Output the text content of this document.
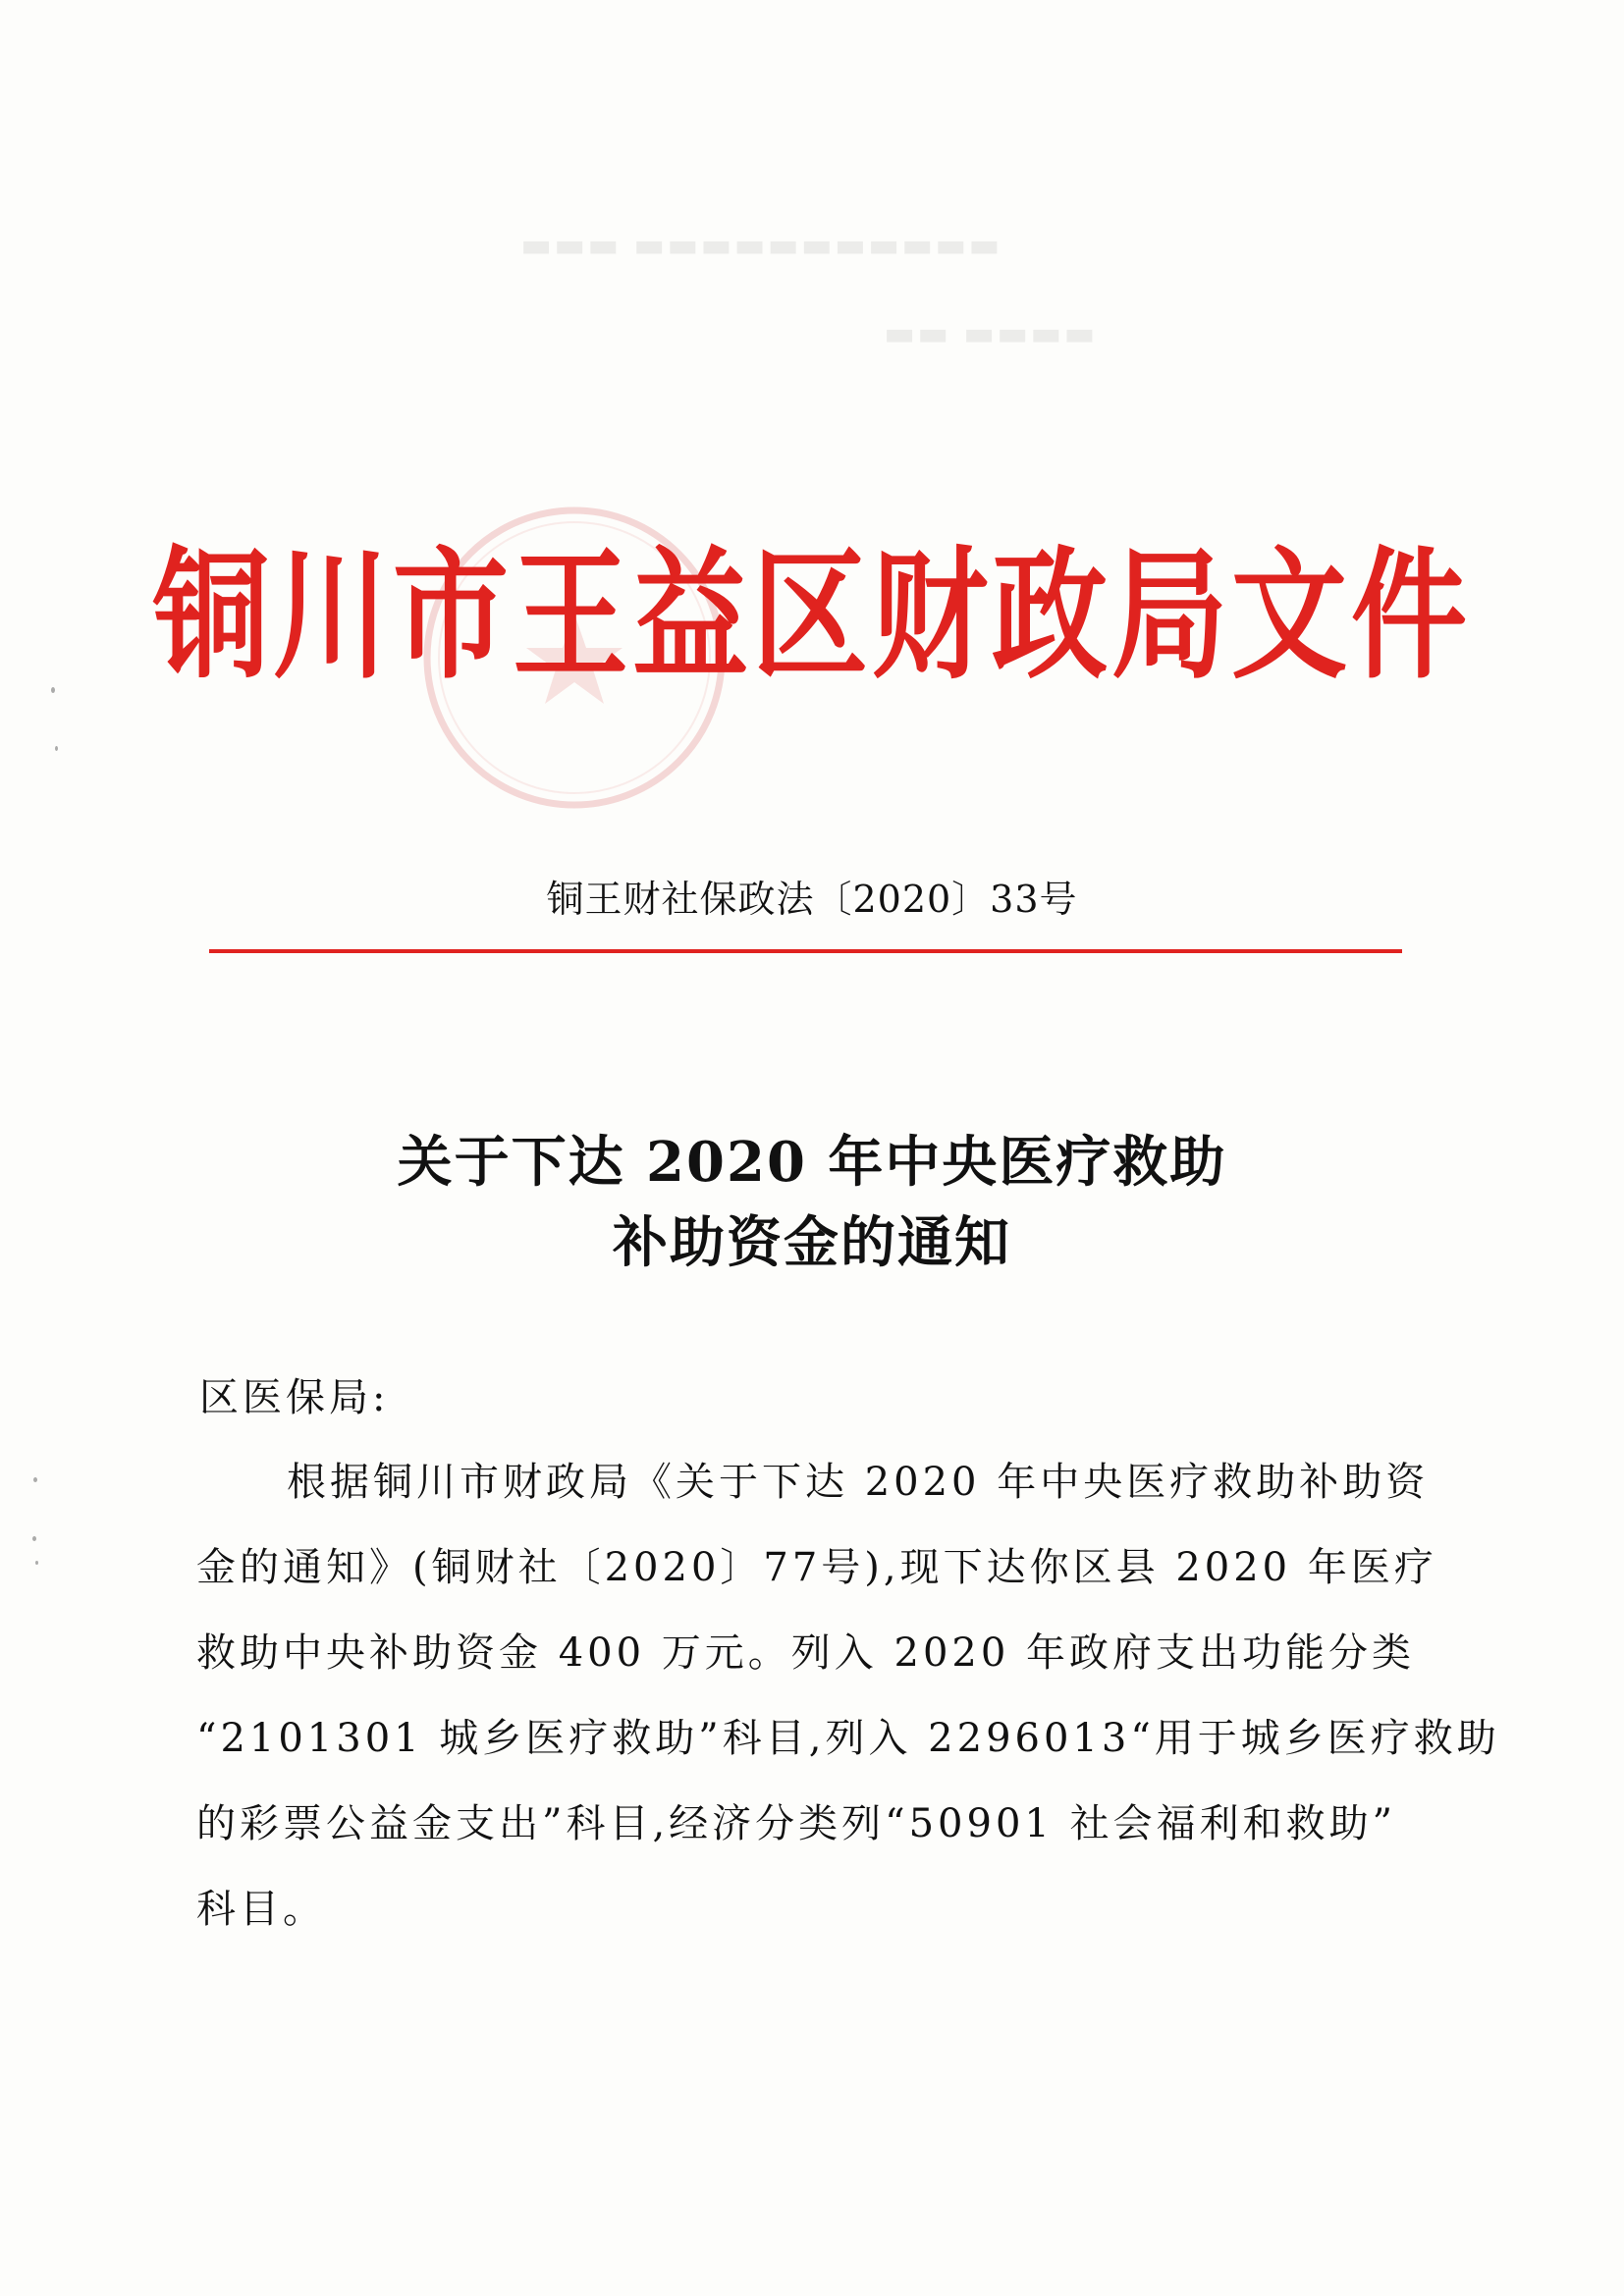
▬▬▬ ▬▬▬▬▬▬▬▬▬▬▬
▬▬ ▬▬▬▬
铜川市王益区财政局文件
铜王财社保政法〔2020〕33号
关于下达 2020 年中央医疗救助
补助资金的通知
区医保局:
根据铜川市财政局《关于下达 2020 年中央医疗救助补助资
金的通知》(铜财社〔2020〕77号),现下达你区县 2020 年医疗
救助中央补助资金 400 万元。列入 2020 年政府支出功能分类
“2101301 城乡医疗救助”科目,列入 2296013“用于城乡医疗救助
的彩票公益金支出”科目,经济分类列“50901 社会福利和救助”
科目。
